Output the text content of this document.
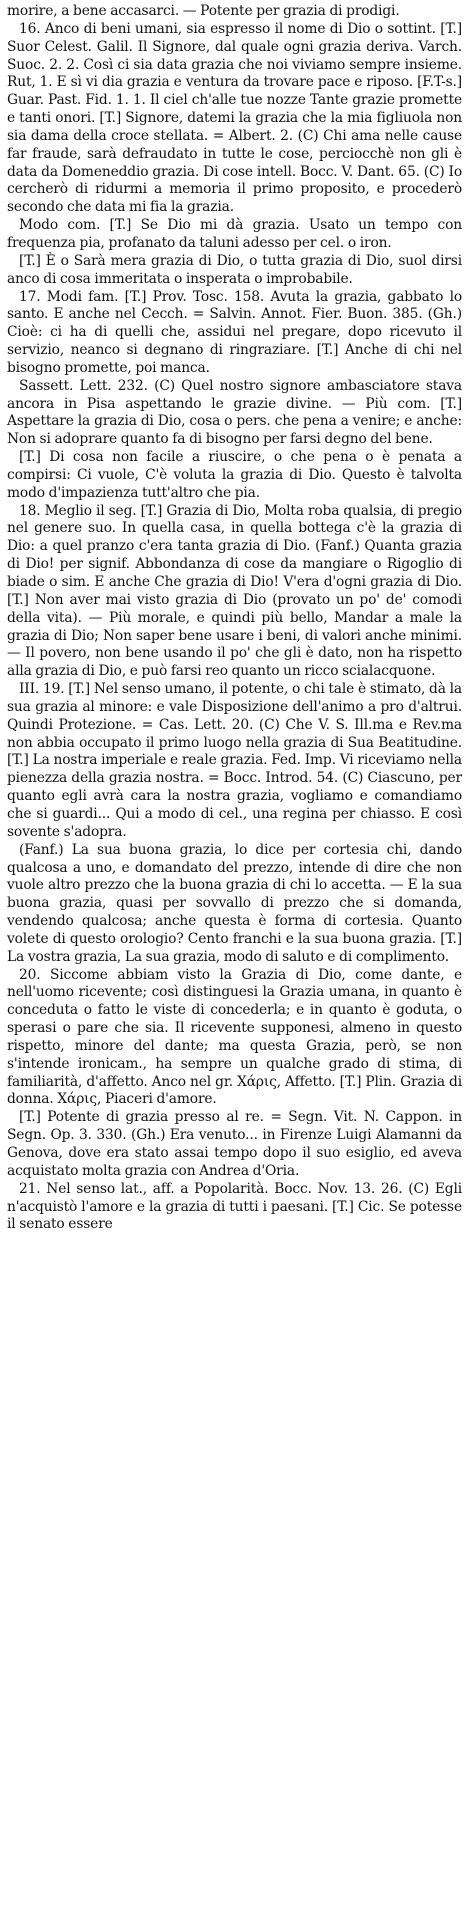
morire, a bene accasarci. — Potente per grazia di prodigi.

16. Anco di beni umani, sia espresso il nome di Dio o sottint. [T.] Suor Celest. Galil. Il Signore, dal quale ogni grazia deriva. Varch. Suoc. 2. 2. Così ci sia data grazia che noi viviamo sempre insieme. Rut, 1. E sì vi dia grazia e ventura da trovare pace e riposo. [F.T-s.] Guar. Past. Fid. 1. 1. Il ciel ch'alle tue nozze Tante grazie promette e tanti onori. [T.] Signore, datemi la grazia che la mia figliuola non sia dama della croce stellata. = Albert. 2. (C) Chi ama nelle cause far fraude, sarà defraudato in tutte le cose, perciocchè non gli è data da Domeneddio grazia. Di cose intell. Bocc. V. Dant. 65. (C) Io cercherò di ridurmi a memoria il primo proposito, e procederò secondo che data mi fia la grazia.

Modo com. [T.] Se Dio mi dà grazia. Usato un tempo con frequenza pia, profanato da taluni adesso per cel. o iron.

[T.] È o Sarà mera grazia di Dio, o tutta grazia di Dio, suol dirsi anco di cosa immeritata o insperata o improbabile.

17. Modi fam. [T.] Prov. Tosc. 158. Avuta la grazia, gabbato lo santo. E anche nel Cecch. = Salvin. Annot. Fier. Buon. 385. (Gh.) Cioè: ci ha di quelli che, assidui nel pregare, dopo ricevuto il servizio, neanco si degnano di ringraziare. [T.] Anche di chi nel bisogno promette, poi manca.

Sassett. Lett. 232. (C) Quel nostro signore ambasciatore stava ancora in Pisa aspettando le grazie divine. — Più com. [T.] Aspettare la grazia di Dio, cosa o pers. che pena a venire; e anche: Non si adoprare quanto fa di bisogno per farsi degno del bene.

[T.] Di cosa non facile a riuscire, o che pena o è penata a compirsi: Ci vuole, C'è voluta la grazia di Dio. Questo è talvolta modo d'impazienza tutt'altro che pia.

18. Meglio il seg. [T.] Grazia di Dio, Molta roba qualsia, di pregio nel genere suo. In quella casa, in quella bottega c'è la grazia di Dio: a quel pranzo c'era tanta grazia di Dio. (Fanf.) Quanta grazia di Dio! per signif. Abbondanza di cose da mangiare o Rigoglio di biade o sim. E anche Che grazia di Dio! V'era d'ogni grazia di Dio. [T.] Non aver mai visto grazia di Dio (provato un po' de' comodi della vita). — Più morale, e quindi più bello, Mandar a male la grazia di Dio; Non saper bene usare i beni, di valori anche minimi. — Il povero, non bene usando il po' che gli è dato, non ha rispetto alla grazia di Dio, e può farsi reo quanto un ricco scialacquone.

III. 19. [T.] Nel senso umano, il potente, o chi tale è stimato, dà la sua grazia al minore: e vale Disposizione dell'animo a pro d'altrui. Quindi Protezione. = Cas. Lett. 20. (C) Che V. S. Ill.ma e Rev.ma non abbia occupato il primo luogo nella grazia di Sua Beatitudine. [T.] La nostra imperiale e reale grazia. Fed. Imp. Vi riceviamo nella pienezza della grazia nostra. = Bocc. Introd. 54. (C) Ciascuno, per quanto egli avrà cara la nostra grazia, vogliamo e comandiamo che si guardi... Qui a modo di cel., una regina per chiasso. E così sovente s'adopra.

(Fanf.) La sua buona grazia, lo dice per cortesia chi, dando qualcosa a uno, e domandato del prezzo, intende di dire che non vuole altro prezzo che la buona grazia di chi lo accetta. — E la sua buona grazia, quasi per sovvallo di prezzo che si domanda, vendendo qualcosa; anche questa è forma di cortesia. Quanto volete di questo orologio? Cento franchi e la sua buona grazia. [T.] La vostra grazia, La sua grazia, modo di saluto e di complimento.

20. Siccome abbiam visto la Grazia di Dio, come dante, e nell'uomo ricevente; così distinguesi la Grazia umana, in quanto è conceduta o fatto le viste di concederla; e in quanto è goduta, o sperasi o pare che sia. Il ricevente supponesi, almeno in questo rispetto, minore del dante; ma questa Grazia, però, se non s'intende ironicam., ha sempre un qualche grado di stima, di familiarità, d'affetto. Anco nel gr. Χάρις, Affetto. [T.] Plin. Grazia di donna. Χάρις, Piaceri d'amore.

[T.] Potente di grazia presso al re. = Segn. Vit. N. Cappon. in Segn. Op. 3. 330. (Gh.) Era venuto... in Firenze Luigi Alamanni da Genova, dove era stato assai tempo dopo il suo esiglio, ed aveva acquistato molta grazia con Andrea d'Oria.

21. Nel senso lat., aff. a Popolarità. Bocc. Nov. 13. 26. (C) Egli n'acquistò l'amore e la grazia di tutti i paesani. [T.] Cic. Se potesse il senato essere
